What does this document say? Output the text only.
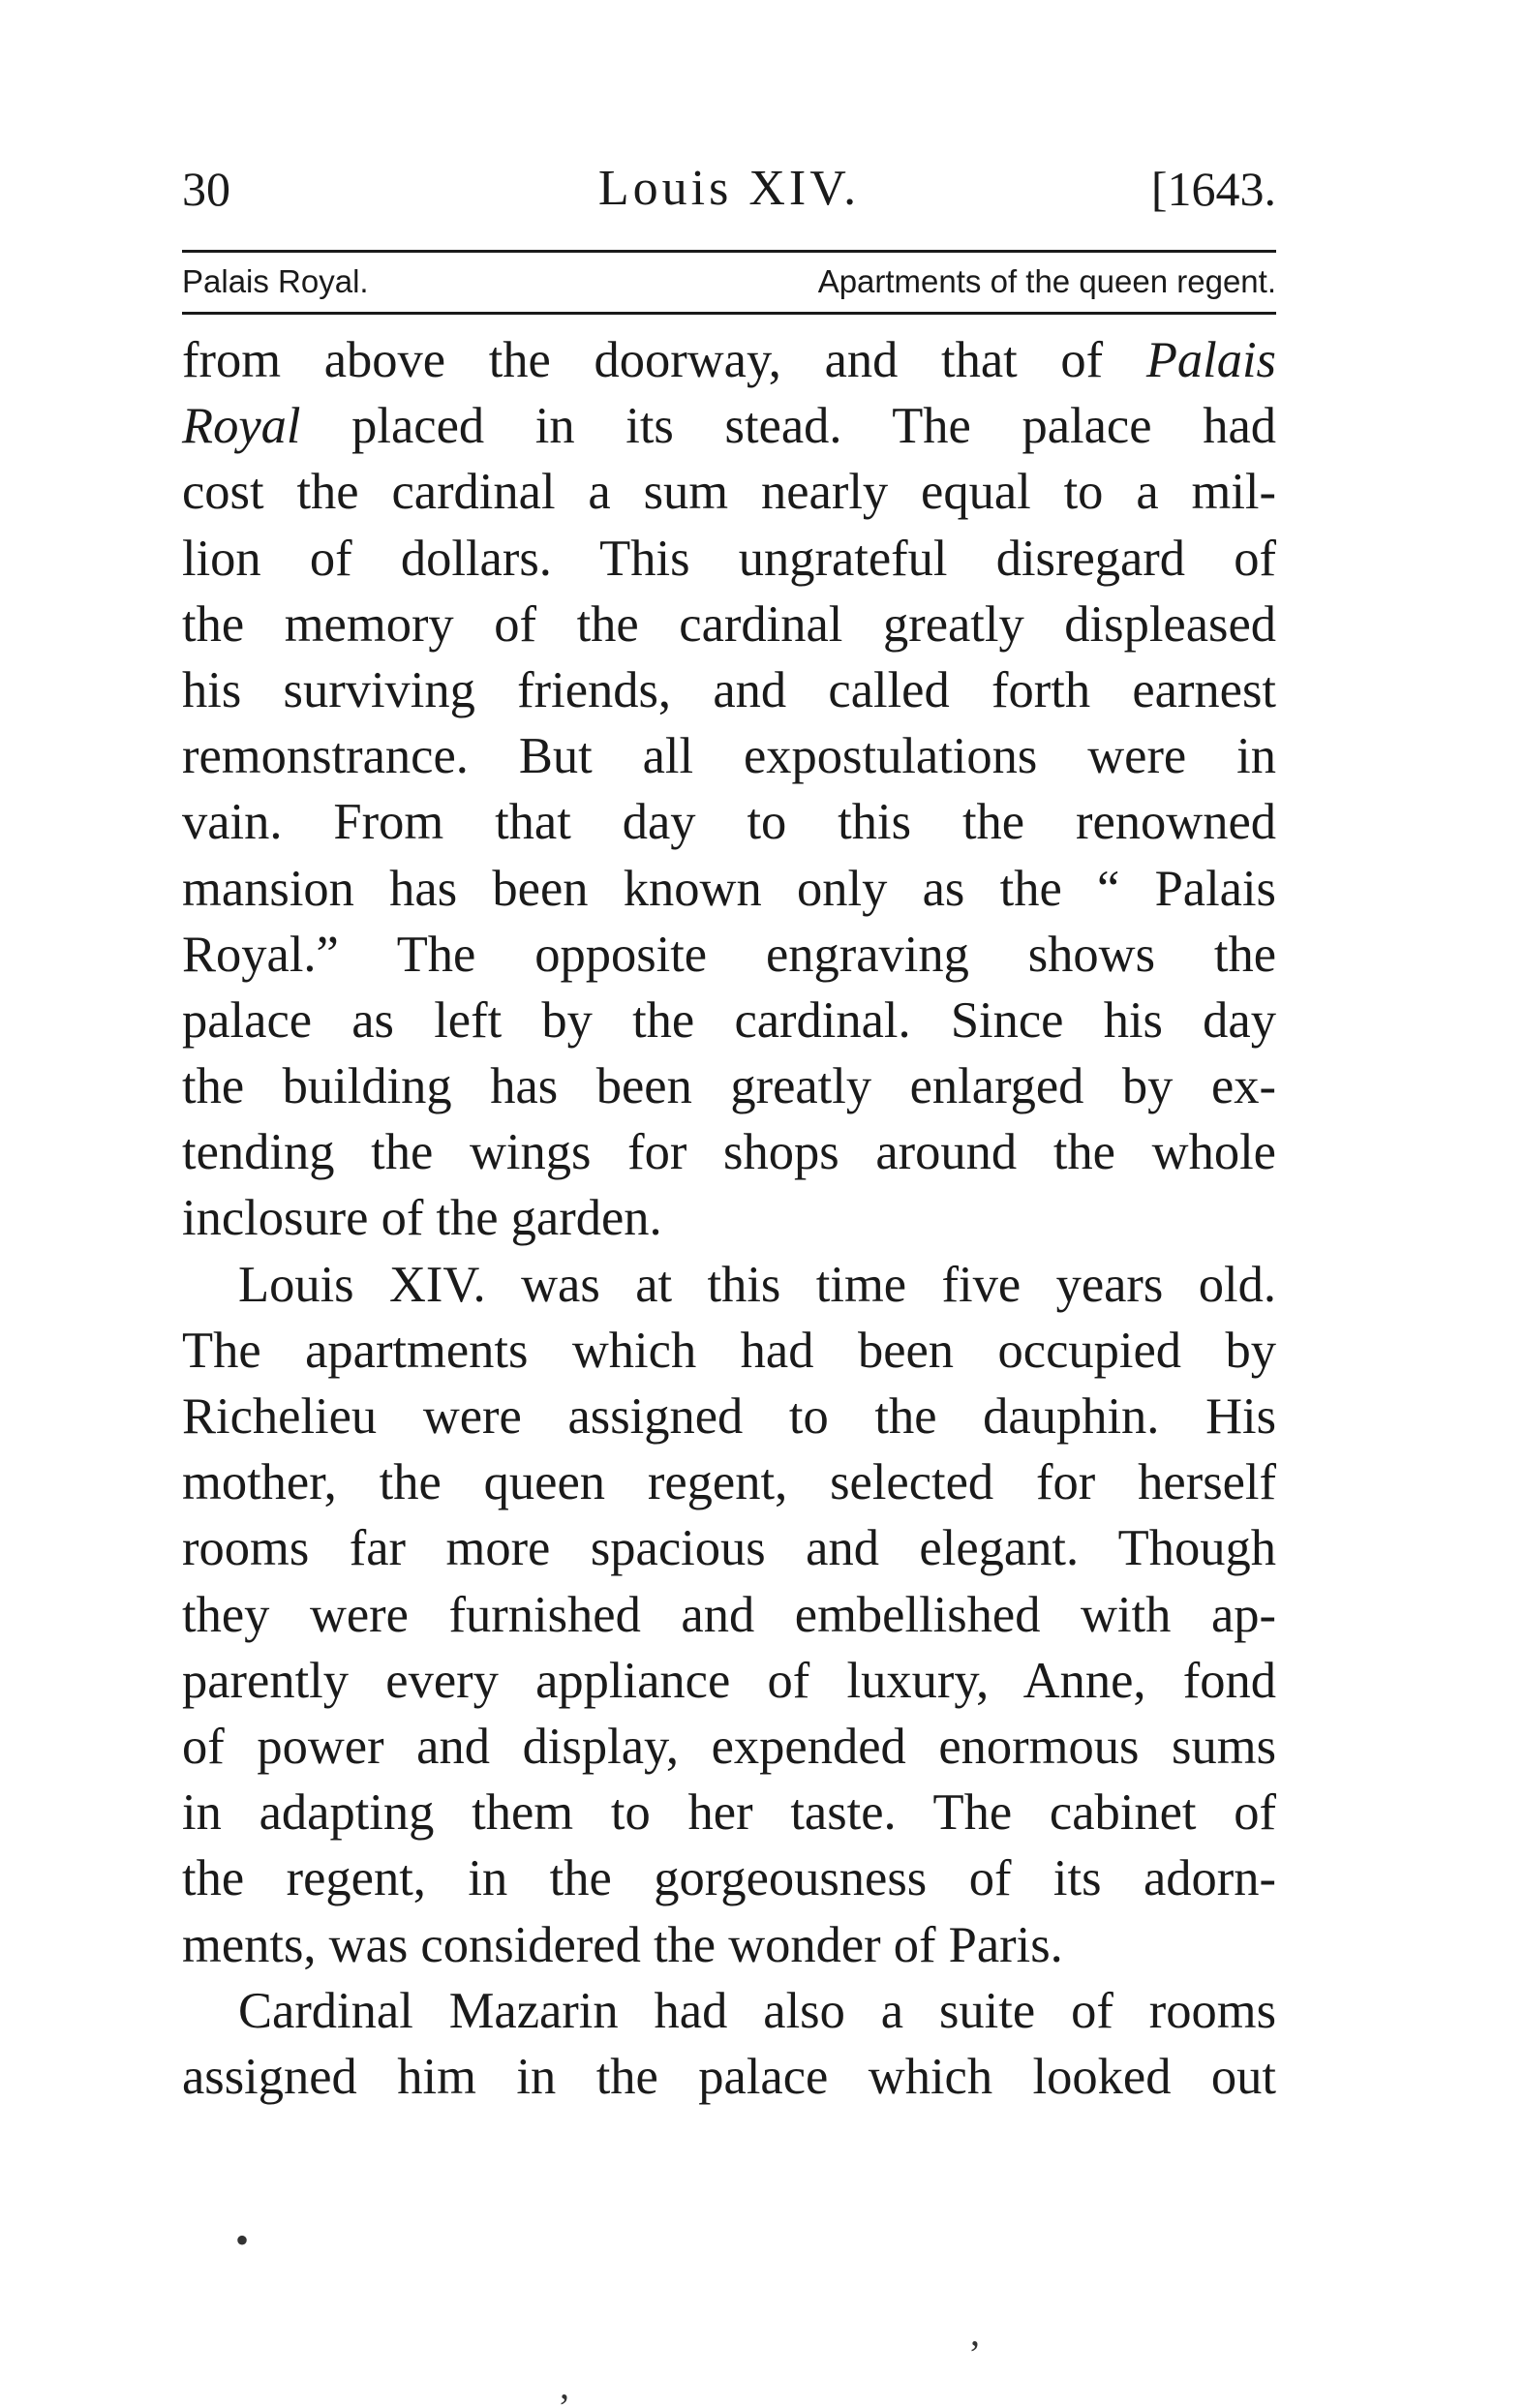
30	Louis XIV.	[1643.
Palais Royal.	Apartments of the queen regent.
from above the doorway, and that of Palais
Royal placed in its stead. The palace had
cost the cardinal a sum nearly equal to a mil-
lion of dollars. This ungrateful disregard of
the memory of the cardinal greatly displeased
his surviving friends, and called forth earnest
remonstrance. But all expostulations were in
vain. From that day to this the renowned
mansion has been known only as the “ Palais
Royal.” The opposite engraving shows the
palace as left by the cardinal. Since his day
the building has been greatly enlarged by ex-
tending the wings for shops around the whole
inclosure of the garden.
Louis XIV. was at this time five years old.
The apartments which had been occupied by
Richelieu were assigned to the dauphin. His
mother, the queen regent, selected for herself
rooms far more spacious and elegant. Though
they were furnished and embellished with ap-
parently every appliance of luxury, Anne, fond
of power and display, expended enormous sums
in adapting them to her taste. The cabinet of
the regent, in the gorgeousness of its adorn-
ments, was considered the wonder of Paris.
Cardinal Mazarin had also a suite of rooms
assigned him in the palace which looked out
•
,
,
